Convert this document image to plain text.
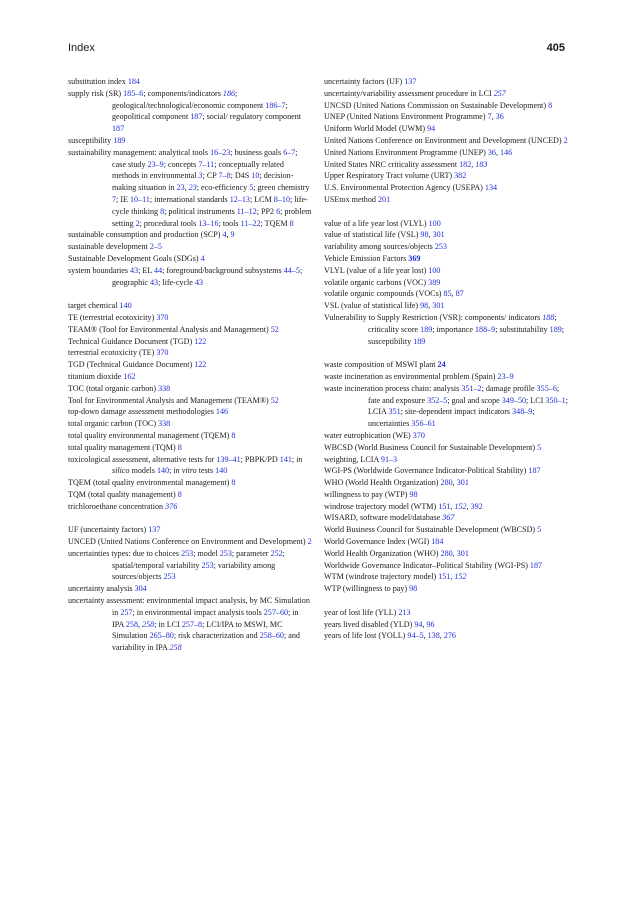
Index	405
substitution index 184
supply risk (SR) 185–6; components/indicators 186; geological/technological/economic component 186–7; geopolitical component 187; social/ regulatory component 187
susceptibility 189
sustainability management: analytical tools 16–23; business goals 6–7; case study 23–9; concepts 7–11; conceptually related methods in environmental 3; CP 7–8; D4S 10; decision-making situation in 23, 23; eco-efficiency 5; green chemistry 7; IE 10–11; international standards 12–13; LCM 8–10; life-cycle thinking 8; political instruments 11–12; PP2 6; problem setting 2; procedural tools 13–16; tools 11–22; TQEM 8
sustainable consumption and production (SCP) 4, 9
sustainable development 2–5
Sustainable Development Goals (SDGs) 4
system boundaries 43; EL 44; foreground/background subsystems 44–5; geographic 43; life-cycle 43
target chemical 140
TE (terrestrial ecotoxicity) 370
TEAM® (Tool for Environmental Analysis and Management) 52
Technical Guidance Document (TGD) 122
terrestrial ecotoxicity (TE) 370
TGD (Technical Guidance Document) 122
titanium dioxide 162
TOC (total organic carbon) 338
Tool for Environmental Analysis and Management (TEAM®) 52
top-down damage assessment methodologies 146
total organic carbon (TOC) 338
total quality environmental management (TQEM) 8
total quality management (TQM) 8
toxicological assessment, alternative tests for 139–41; PBPK/PD 141; in silico models 140; in vitro tests 140
TQEM (total quality environmental management) 8
TQM (total quality management) 8
trichloroethane concentration 376
UF (uncertainty factors) 137
UNCED (United Nations Conference on Environment and Development) 2
uncertainties types: due to choices 253; model 253; parameter 252; spatial/temporal variability 253; variability among sources/objects 253
uncertainty analysis 304
uncertainty assessment: environmental impact analysis, by MC Simulation in 257; in environmental impact analysis tools 257–60; in IPA 258, 258; in LCI 257–8; LCI/IPA to MSWI, MC Simulation 265–80; risk characterization and 258–60; and variability in IPA 258
uncertainty factors (UF) 137
uncertainty/variability assessment procedure in LCI 257
UNCSD (United Nations Commission on Sustainable Development) 8
UNEP (United Nations Environment Programme) 7, 36
Uniform World Model (UWM) 94
United Nations Conference on Environment and Development (UNCED) 2
United Nations Environment Programme (UNEP) 36, 146
United States NRC criticality assessment 182, 183
Upper Respiratory Tract volume (URT) 382
U.S. Environmental Protection Agency (USEPA) 134
USEtox method 201
value of a life year lost (VLYL) 100
value of statistical life (VSL) 98, 301
variability among sources/objects 253
Vehicle Emission Factors 369
VLYL (value of a life year lost) 100
volatile organic carbons (VOC) 389
volatile organic compounds (VOCs) 85, 87
VSL (value of statistical life) 98, 301
Vulnerability to Supply Restriction (VSR): components/ indicators 188; criticality score 189; importance 188–9; substitutability 189; susceptibility 189
waste composition of MSWI plant 24
waste incineration as environmental problem (Spain) 23–9
waste incineration process chain: analysis 351–2; damage profile 355–6; fate and exposure 352–5; goal and scope 349–50; LCI 350–1; LCIA 351; site-dependent impact indicators 348–9; uncertainties 356–61
water eutrophication (WE) 370
WBCSD (World Business Council for Sustainable Development) 5
weighting, LCIA 91–3
WGI-PS (Worldwide Governance Indicator-Political Stability) 187
WHO (World Health Organization) 280, 301
willingness to pay (WTP) 98
windrose trajectory model (WTM) 151, 152, 392
WISARD, software model/database 367
World Business Council for Sustainable Development (WBCSD) 5
World Governance Index (WGI) 184
World Health Organization (WHO) 280, 301
Worldwide Governance Indicator–Political Stability (WGI-PS) 187
WTM (windrose trajectory model) 151, 152
WTP (willingness to pay) 98
year of lost life (YLL) 213
years lived disabled (YLD) 94, 96
years of life lost (YOLL) 94–5, 138, 276
